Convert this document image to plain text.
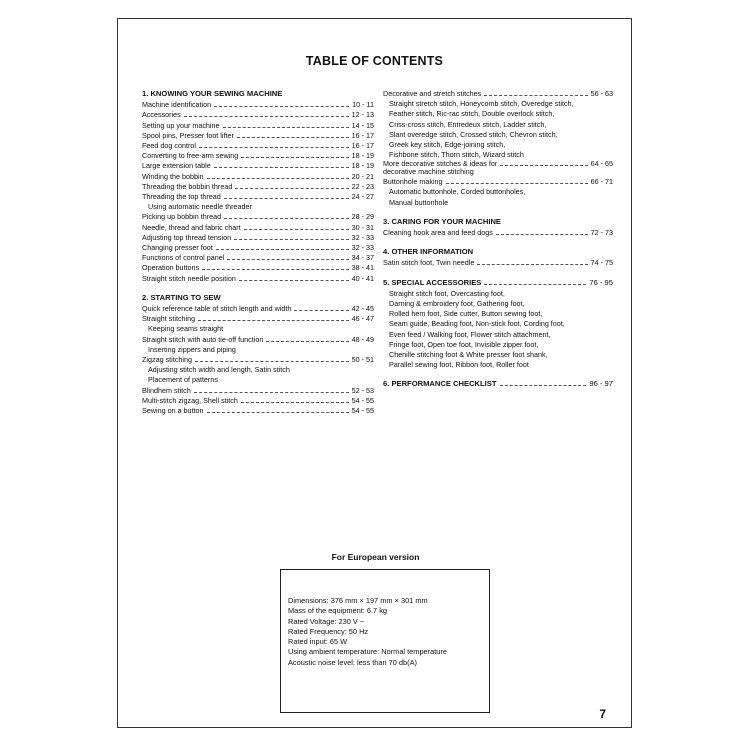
TABLE OF CONTENTS
1. KNOWING YOUR SEWING MACHINE
Machine identification	10 - 11
Accessories	12 - 13
Setting up your machine	14 - 15
Spool pins, Presser foot lifter	16 - 17
Feed dog control	16 - 17
Converting to free-arm sewing	18 - 19
Large extension table	18 - 19
Winding the bobbin	20 - 21
Threading the bobbin thread	22 - 23
Threading the top thread	24 - 27
Using automatic needle threader
Picking up bobbin thread	28 - 29
Needle, thread and fabric chart	30 - 31
Adjusting top thread tension	32 - 33
Changing presser foot	32 - 33
Functions of control panel	34 - 37
Operation buttons	38 - 41
Straight stitch needle position	40 - 41
2. STARTING TO SEW
Quick reference table of stitch length and width	42 - 45
Straight stitching	46 - 47
Keeping seams straight
Straight stitch with auto tie-off function	48 - 49
Inserting zippers and piping
Zigzag stitching	50 - 51
Adjusting stitch width and length, Satin stitch
Placement of patterns
Blindhem stitch	52 - 53
Multi-stitch zigzag, Shell stitch	54 - 55
Sewing on a button	54 - 55
Decorative and stretch stitches	56 - 63
Straight stretch stitch, Honeycomb stitch, Overedge stitch,
Feather stitch, Ric-rac stitch, Double overlock stitch,
Criss-cross stitch, Entredeux stitch, Ladder stitch,
Slant overedge stitch, Crossed stitch, Chevron stitch,
Greek key stitch, Edge-joining stitch,
Fishbone stitch, Thorn stitch, Wizard stitch
More decorative stitches & ideas for
decorative machine stitching
64 - 65
Buttonhole making	66 - 71
Automatic buttonhole, Corded buttonholes,
Manual buttonhole
3. CARING FOR YOUR MACHINE
Cleaning hook area and feed dogs	72 - 73
4. OTHER INFORMATION
Satin stitch foot, Twin needle	74 - 75
5. SPECIAL ACCESSORIES	76 - 95
Straight stitch foot, Overcasting foot,
Darning & embroidery foot, Gathering foot,
Rolled hem foot, Side cutter, Button sewing foot,
Seam guide, Beading foot, Non-stick foot, Cording foot,
Even feed / Walking foot, Flower stitch attachment,
Fringe foot, Open toe foot, Invisible zipper foot,
Chenille stitching foot & White presser foot shank,
Parallel sewing foot, Ribbon foot, Roller foot
6. PERFORMANCE CHECKLIST	96 - 97
For European version
Dimensions: 376 mm × 197 mm × 301 mm
Mass of the equipment: 6.7 kg
Rated Voltage: 230 V ~
Rated Frequency: 50 Hz
Rated input: 65 W
Using ambient temperature: Normal temperature
Acoustic noise level: less than 70 db(A)
7
